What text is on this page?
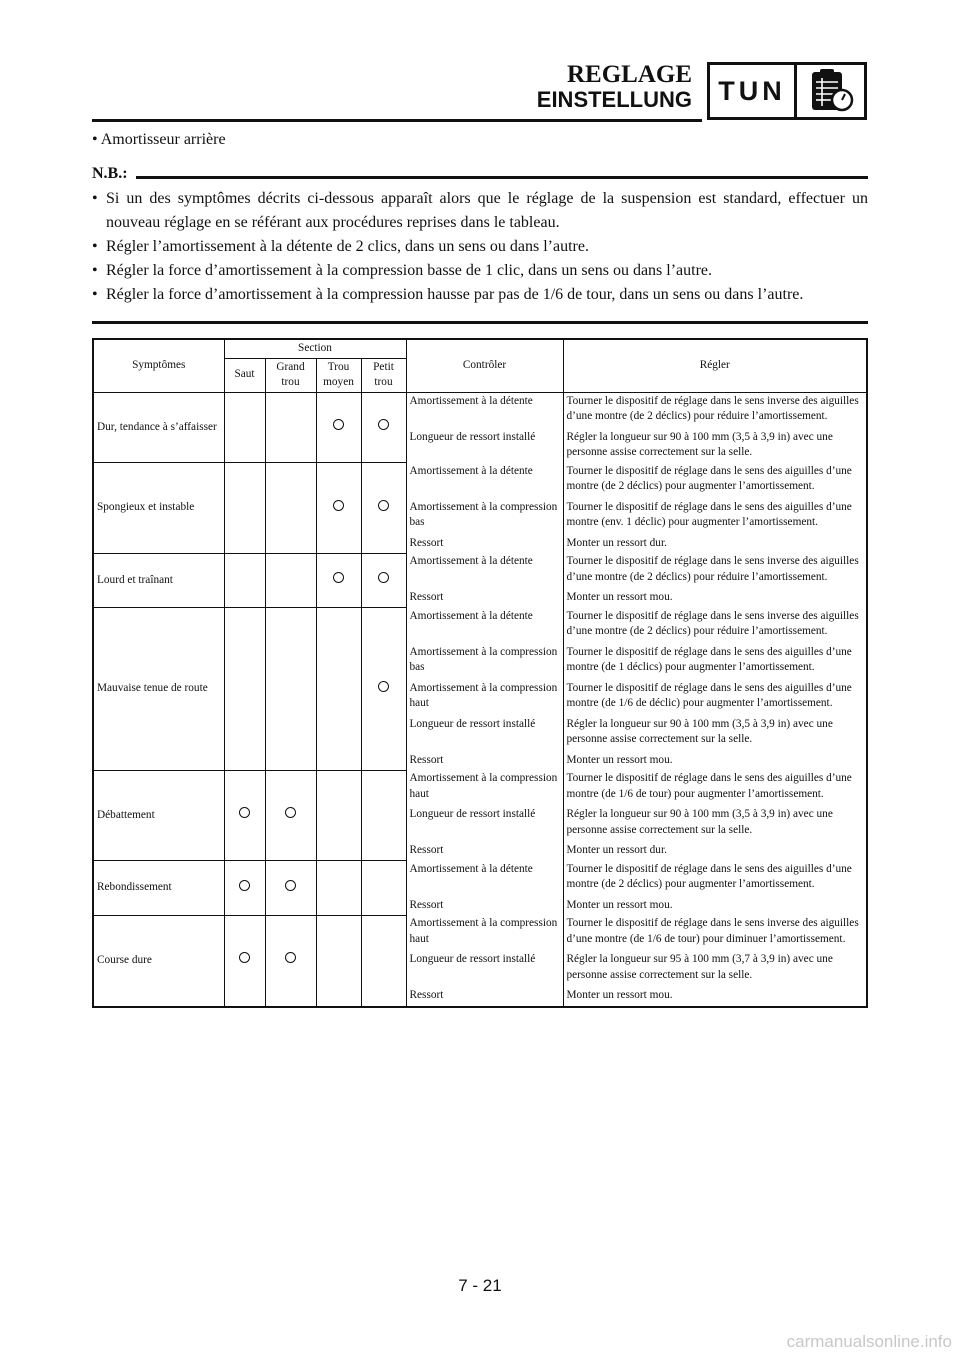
REGLAGE
EINSTELLUNG TUN
• Amortisseur arrière
N.B.:
• Si un des symptômes décrits ci-dessous apparaît alors que le réglage de la suspension est standard, effectuer un nouveau réglage en se référant aux procédures reprises dans le tableau.
• Régler l’amortissement à la détente de 2 clics, dans un sens ou dans l’autre.
• Régler la force d’amortissement à la compression basse de 1 clic, dans un sens ou dans l’autre.
• Régler la force d’amortissement à la compression hausse par pas de 1/6 de tour, dans un sens ou dans l’autre.
Symptômes	Section				Contrôler	Régler
	Saut	Grand trou	Trou moyen	Petit trou		
Dur, tendance à s’affaisser					Amortissement à la détente	Tourner le dispositif de réglage dans le sens inverse des aiguilles d’une montre (de 2 déclics) pour réduire l’amortissement.
					Longueur de ressort installé	Régler la longueur sur 90 à 100 mm (3,5 à 3,9 in) avec une personne assise correctement sur la selle.
Spongieux et instable					Amortissement à la détente	Tourner le dispositif de réglage dans le sens des aiguilles d’une montre (de 2 déclics) pour augmenter l’amortissement.
					Amortissement à la compression bas	Tourner le dispositif de réglage dans le sens des aiguilles d’une montre (env. 1 déclic) pour augmenter l’amortissement.
					Ressort	Monter un ressort dur.
Lourd et traînant					Amortissement à la détente	Tourner le dispositif de réglage dans le sens inverse des aiguilles d’une montre (de 2 déclics) pour réduire l’amortissement.
					Ressort	Monter un ressort mou.
Mauvaise tenue de route					Amortissement à la détente	Tourner le dispositif de réglage dans le sens inverse des aiguilles d’une montre (de 2 déclics) pour réduire l’amortissement.
					Amortissement à la compression bas	Tourner le dispositif de réglage dans le sens des aiguilles d’une montre (de 1 déclics) pour augmenter l’amortissement.
					Amortissement à la compression haut	Tourner le dispositif de réglage dans le sens des aiguilles d’une montre (de 1/6 de déclic) pour augmenter l’amortissement.
					Longueur de ressort installé	Régler la longueur sur 90 à 100 mm (3,5 à 3,9 in) avec une personne assise correctement sur la selle.
					Ressort	Monter un ressort mou.
Débattement					Amortissement à la compression haut	Tourner le dispositif de réglage dans le sens des aiguilles d’une montre (de 1/6 de tour) pour augmenter l’amortissement.
					Longueur de ressort installé	Régler la longueur sur 90 à 100 mm (3,5 à 3,9 in) avec une personne assise correctement sur la selle.
					Ressort	Monter un ressort dur.
Rebondissement					Amortissement à la détente	Tourner le dispositif de réglage dans le sens des aiguilles d’une montre (de 2 déclics) pour augmenter l’amortissement.
					Ressort	Monter un ressort mou.
Course dure					Amortissement à la compression haut	Tourner le dispositif de réglage dans le sens inverse des aiguilles d’une montre (de 1/6 de tour) pour diminuer l’amortissement.
					Longueur de ressort installé	Régler la longueur sur 95 à 100 mm (3,7 à 3,9 in) avec une personne assise correctement sur la selle.
					Ressort	Monter un ressort mou.
7 - 21
carmanualsonline.info
